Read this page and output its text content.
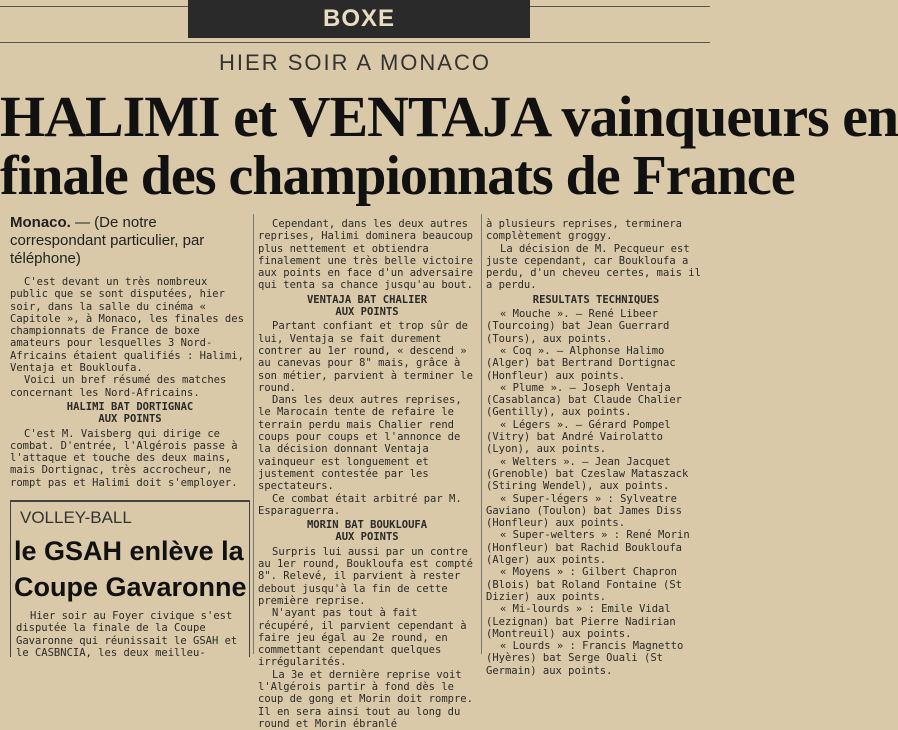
BOXE
HIER SOIR A MONACO
HALIMI et VENTAJA vainqueurs en
finale des championnats de France
Monaco. — (De notre correspondant particulier, par téléphone)

C'est devant un très nombreux public que se sont disputées, hier soir, dans la salle du cinéma « Capitole », à Monaco, les finales des championnats de France de boxe amateurs pour lesquelles 3 Nord-Africains étaient qualifiés : Halimi, Ventaja et Boukloufa.

Voici un bref résumé des matches concernant les Nord-Africains.

HALIMI BAT DORTIGNAC

AUX POINTS

C'est M. Vaisberg qui dirige ce combat. D'entrée, l'Algérois passe à l'attaque et touche des deux mains, mais Dortignac, très accrocheur, ne rompt pas et Halimi doit s'employer.

Cependant, dans les deux autres reprises, Halimi dominera beaucoup plus nettement et obtiendra finalement une très belle victoire aux points en face d'un adversaire qui tenta sa chance jusqu'au bout.

VENTAJA BAT CHALIER

AUX POINTS

Partant confiant et trop sûr de lui, Ventaja se fait durement contrer au 1er round, « descend » au canevas pour 8" mais, grâce à son métier, parvient à terminer le round.

Dans les deux autres reprises, le Marocain tente de refaire le terrain perdu mais Chalier rend coups pour coups et l'annonce de la décision donnant Ventaja vainqueur est longuement et justement contestée par les spectateurs.

Ce combat était arbitré par M. Esparaguerra.

MORIN BAT BOUKLOUFA

AUX POINTS

Surpris lui aussi par un contre au 1er round, Boukloufa est compté 8". Relevé, il parvient à rester debout jusqu'à la fin de cette première reprise.

N'ayant pas tout à fait récupéré, il parvient cependant à faire jeu égal au 2e round, en commettant cependant quelques irrégularités.

La 3e et dernière reprise voit l'Algérois partir à fond dès le coup de gong et Morin doit rompre. Il en sera ainsi tout au long du round et Morin ébranlé

à plusieurs reprises, terminera complètement groggy.

La décision de M. Pecqueur est juste cependant, car Boukloufa a perdu, d'un cheveu certes, mais il a perdu.

RESULTATS TECHNIQUES

« Mouche ». — René Libeer (Tourcoing) bat Jean Guerrard (Tours), aux points.

« Coq ». — Alphonse Halimo (Alger) bat Bertrand Dortignac (Honfleur) aux points.

« Plume ». — Joseph Ventaja (Casablanca) bat Claude Chalier (Gentilly), aux points.

« Légers ». — Gérard Pompel (Vitry) bat André Vairolatto (Lyon), aux points.

« Welters ». — Jean Jacquet (Grenoble) bat Czeslaw Mataszack (Stiring Wendel), aux points.

« Super-légers » : Sylveatre Gaviano (Toulon) bat James Diss (Honfleur) aux points.

« Super-welters » : René Morin (Honfleur) bat Rachid Boukloufa (Alger) aux points.

« Moyens » : Gilbert Chapron (Blois) bat Roland Fontaine (St Dizier) aux points.

« Mi-lourds » : Emile Vidal (Lezignan) bat Pierre Nadirian (Montreuil) aux points.

« Lourds » : Francis Magnetto (Hyères) bat Serge Ouali (St Germain) aux points.

VOLLEY-BALL
le GSAH enlève la
Coupe Gavaronne

Hier soir au Foyer civique s'est disputée la finale de la Coupe Gavaronne qui réunissait le GSAH et le CASBNCIA, les deux meilleu-
